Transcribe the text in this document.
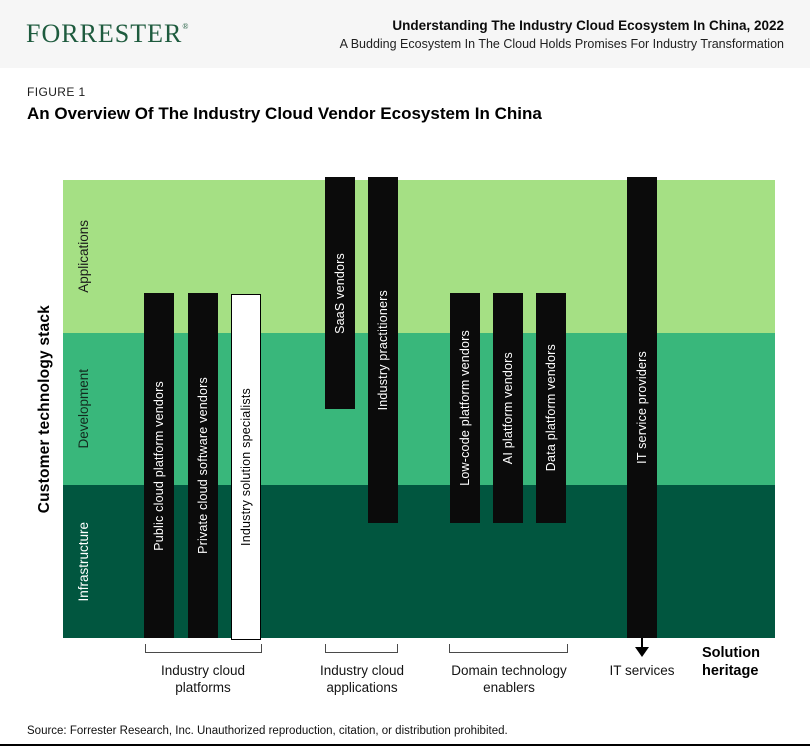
FORRESTER®	Understanding The Industry Cloud Ecosystem In China, 2022
A Budding Ecosystem In The Cloud Holds Promises For Industry Transformation
FIGURE 1
An Overview Of The Industry Cloud Vendor Ecosystem In China
Customer technology stack
Applications
Development
Infrastructure
Public cloud platform vendors Private cloud software vendors Industry solution specialists
SaaS vendors Industry practitioners	Low-code platform vendors AI platform vendors Data platform vendors	IT service providers
Industry cloud
platforms
Industry cloud
applications
Domain technology
enablers
IT services
Solution
heritage
Source: Forrester Research, Inc. Unauthorized reproduction, citation, or distribution prohibited.
